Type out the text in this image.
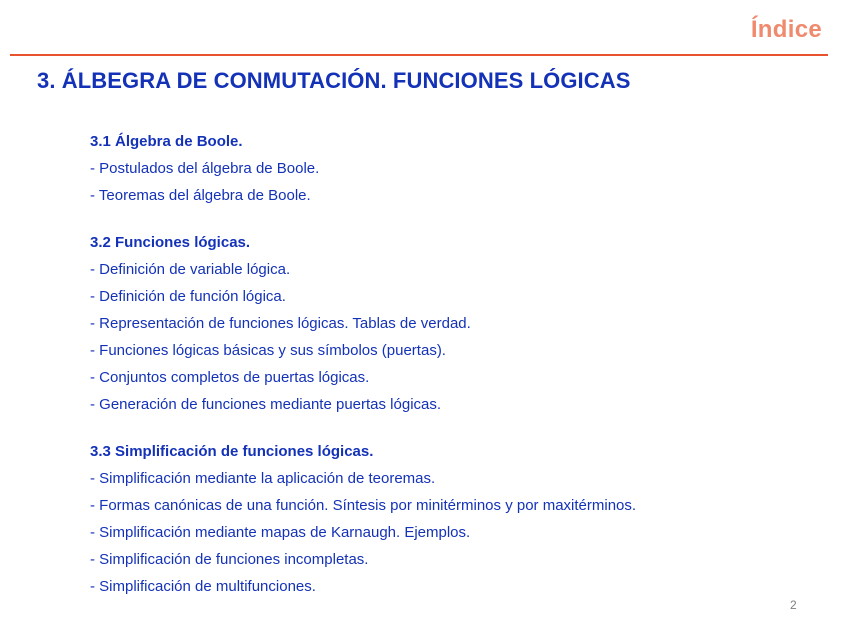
Índice
3. ÁLBEGRA DE CONMUTACIÓN. FUNCIONES LÓGICAS
3.1 Álgebra de Boole.
- Postulados del álgebra de Boole.
- Teoremas del álgebra de Boole.
3.2 Funciones lógicas.
- Definición de variable lógica.
- Definición de función lógica.
- Representación de funciones lógicas. Tablas de verdad.
- Funciones lógicas básicas y sus símbolos (puertas).
- Conjuntos completos de puertas lógicas.
- Generación de funciones mediante puertas lógicas.
3.3 Simplificación de funciones lógicas.
- Simplificación mediante la aplicación de teoremas.
- Formas canónicas de una función. Síntesis por minitérminos y por maxitérminos.
- Simplificación mediante mapas de Karnaugh. Ejemplos.
- Simplificación de funciones incompletas.
- Simplificación de multifunciones.
2
